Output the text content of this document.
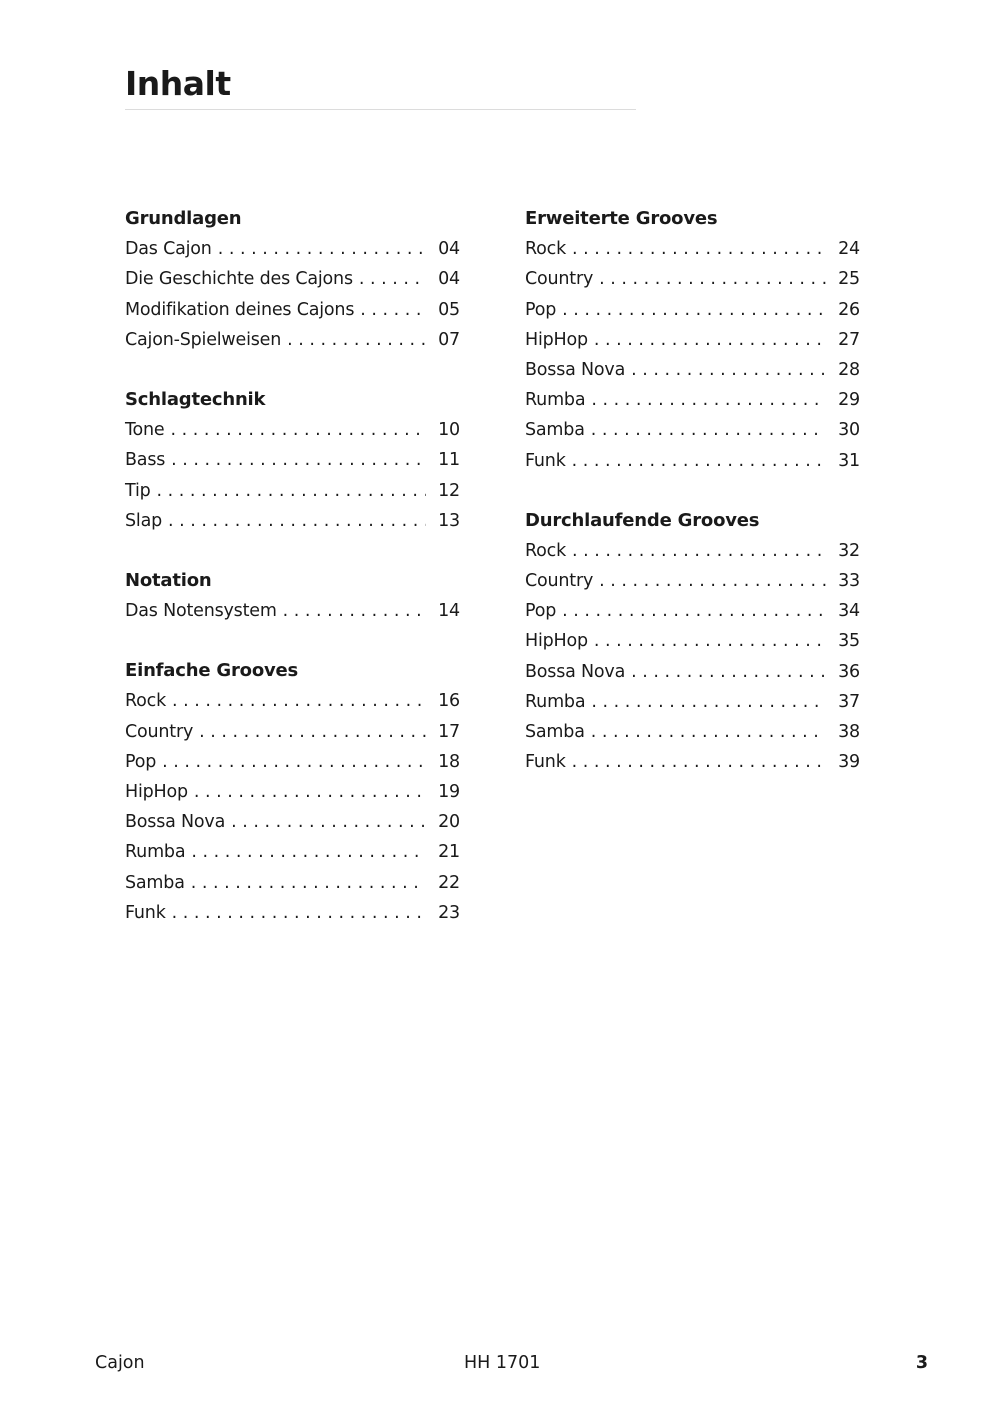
Inhalt
Grundlagen
Das Cajon . . .	04
Die Geschichte des Cajons . . .	04
Modifikation deines Cajons . . .	05
Cajon-Spielweisen . . .	07
Schlagtechnik
Tone . . .	10
Bass . . .	11
Tip . . .	12
Slap . . .	13
Notation
Das Notensystem . . .	14
Einfache Grooves
Rock . . .	16
Country . . .	17
Pop . . .	18
HipHop . . .	19
Bossa Nova . . .	20
Rumba . . .	21
Samba . . .	22
Funk . . .	23
Erweiterte Grooves
Rock . . .	24
Country . . .	25
Pop . . .	26
HipHop . . .	27
Bossa Nova . . .	28
Rumba . . .	29
Samba . . .	30
Funk . . .	31
Durchlaufende Grooves
Rock . . .	32
Country . . .	33
Pop . . .	34
HipHop . . .	35
Bossa Nova . . .	36
Rumba . . .	37
Samba . . .	38
Funk . . .	39
Cajon	HH 1701	3
